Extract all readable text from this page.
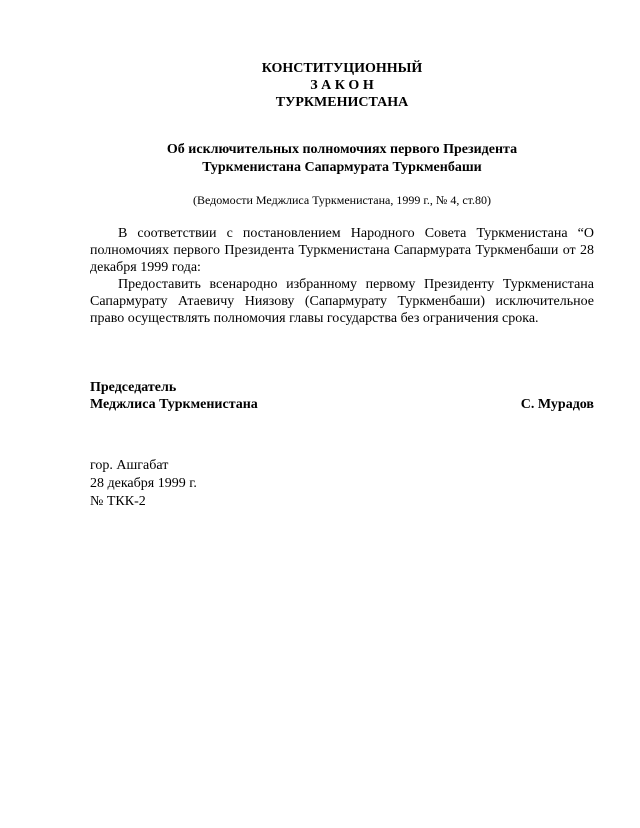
КОНСТИТУЦИОННЫЙ
З А К О Н
ТУРКМЕНИСТАНА
Об исключительных полномочиях первого Президента
Туркменистана Сапармурата Туркменбаши
(Ведомости Меджлиса Туркменистана, 1999 г., № 4, ст.80)

В соответствии с постановлением Народного Совета Туркменистана “О полномочиях первого Президента Туркменистана Сапармурата Туркменбаши от 28 декабря 1999 года:

Предоставить всенародно избранному первому Президенту Туркменистана Сапармурату Атаевичу Ниязову (Сапармурату Туркменбаши) исключительное право осуществлять полномочия главы государства без ограничения срока.

Председатель
Меджлиса Туркменистана	С. Мурадов
гор. Ашгабат
28 декабря 1999 г.
№ ТКК-2
